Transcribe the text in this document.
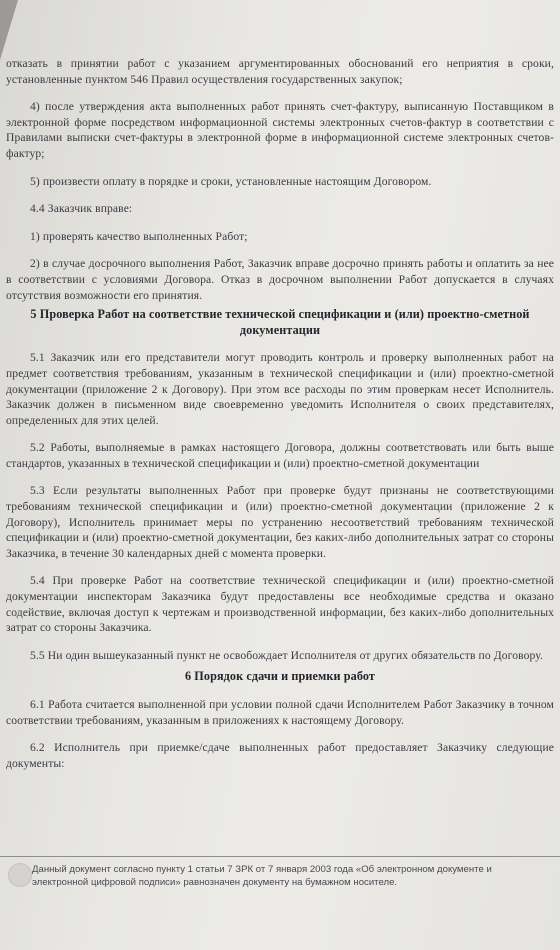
отказать в принятии работ с указанием аргументированных обоснований его неприятия в сроки, установленные пунктом 546 Правил осуществления государственных закупок;

4) после утверждения акта выполненных работ принять счет-фактуру, выписанную Поставщиком в электронной форме посредством информационной системы электронных счетов-фактур в соответствии с Правилами выписки счет-фактуры в электронной форме в информационной системе электронных счетов-фактур;

5) произвести оплату в порядке и сроки, установленные настоящим Договором.

4.4 Заказчик вправе:

1) проверять качество выполненных Работ;

2) в случае досрочного выполнения Работ, Заказчик вправе досрочно принять работы и оплатить за нее в соответствии с условиями Договора. Отказ в досрочном выполнении Работ допускается в случаях отсутствия возможности его принятия.

5 Проверка Работ на соответствие технической спецификации и (или) проектно-сметной документации

5.1 Заказчик или его представители могут проводить контроль и проверку выполненных работ на предмет соответствия требованиям, указанным в технической спецификации и (или) проектно-сметной документации (приложение 2 к Договору). При этом все расходы по этим проверкам несет Исполнитель. Заказчик должен в письменном виде своевременно уведомить Исполнителя о своих представителях, определенных для этих целей.

5.2 Работы, выполняемые в рамках настоящего Договора, должны соответствовать или быть выше стандартов, указанных в технической спецификации и (или) проектно-сметной документации

5.3 Если результаты выполненных Работ при проверке будут признаны не соответствующими требованиям технической спецификации и (или) проектно-сметной документации (приложение 2 к Договору), Исполнитель принимает меры по устранению несоответствий требованиям технической спецификации и (или) проектно-сметной документации, без каких-либо дополнительных затрат со стороны Заказчика, в течение 30 календарных дней с момента проверки.

5.4 При проверке Работ на соответствие технической спецификации и (или) проектно-сметной документации инспекторам Заказчика будут предоставлены все необходимые средства и оказано содействие, включая доступ к чертежам и производственной информации, без каких-либо дополнительных затрат со стороны Заказчика.

5.5 Ни один вышеуказанный пункт не освобождает Исполнителя от других обязательств по Договору.

6 Порядок сдачи и приемки работ

6.1 Работа считается выполненной при условии полной сдачи Исполнителем Работ Заказчику в точном соответствии требованиям, указанным в приложениях к настоящему Договору.

6.2 Исполнитель при приемке/сдаче выполненных работ предоставляет Заказчику следующие документы:

Данный документ согласно пункту 1 статьи 7 ЗРК от 7 января 2003 года «Об электронном документе и электронной цифровой подписи» равнозначен документу на бумажном носителе.
